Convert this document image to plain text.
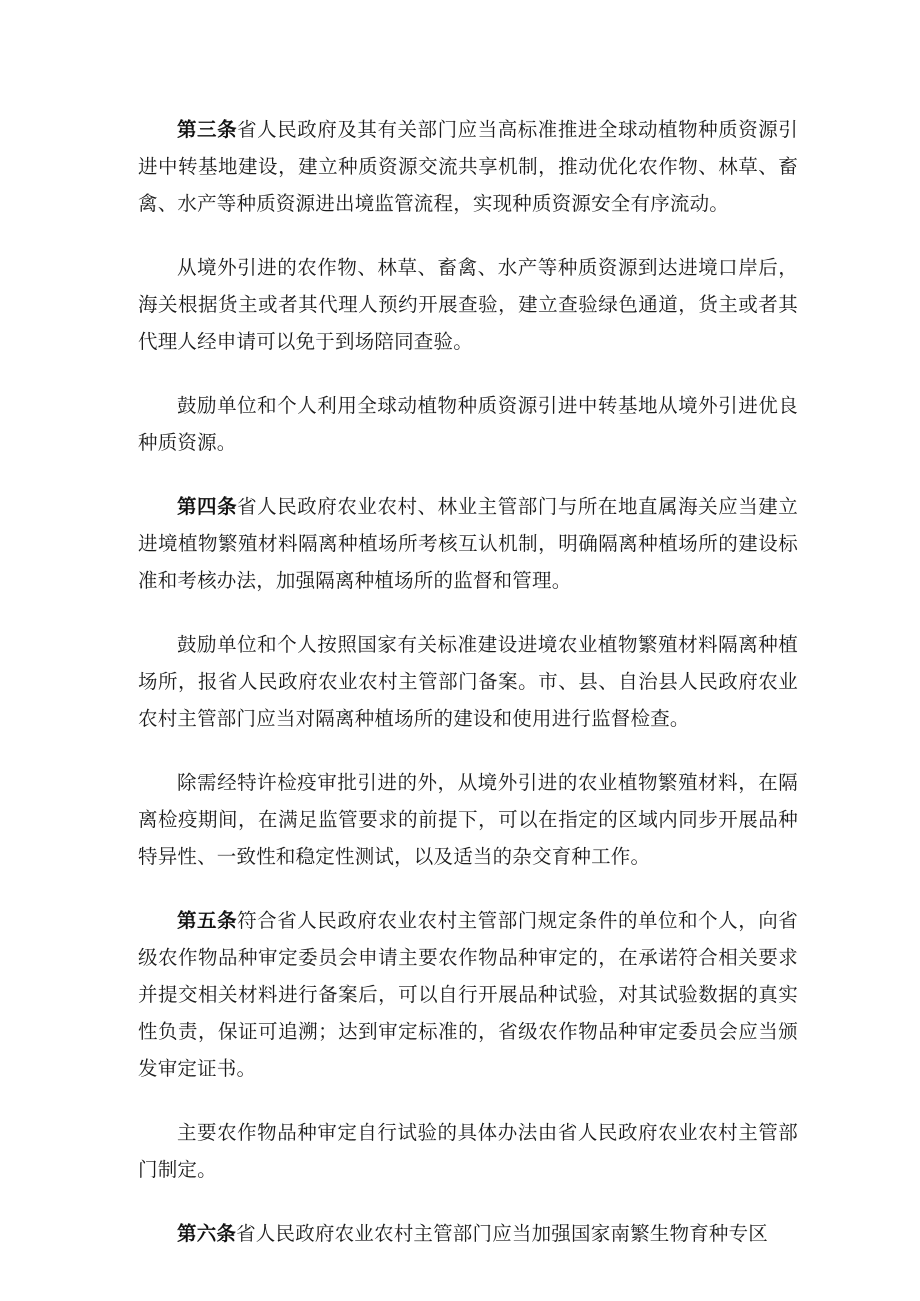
第三条省人民政府及其有关部门应当高标准推进全球动植物种质资源引进中转基地建设，建立种质资源交流共享机制，推动优化农作物、林草、畜禽、水产等种质资源进出境监管流程，实现种质资源安全有序流动。

从境外引进的农作物、林草、畜禽、水产等种质资源到达进境口岸后，海关根据货主或者其代理人预约开展查验，建立查验绿色通道，货主或者其代理人经申请可以免于到场陪同查验。

鼓励单位和个人利用全球动植物种质资源引进中转基地从境外引进优良种质资源。

第四条省人民政府农业农村、林业主管部门与所在地直属海关应当建立进境植物繁殖材料隔离种植场所考核互认机制，明确隔离种植场所的建设标准和考核办法，加强隔离种植场所的监督和管理。

鼓励单位和个人按照国家有关标准建设进境农业植物繁殖材料隔离种植场所，报省人民政府农业农村主管部门备案。市、县、自治县人民政府农业农村主管部门应当对隔离种植场所的建设和使用进行监督检查。

除需经特许检疫审批引进的外，从境外引进的农业植物繁殖材料，在隔离检疫期间，在满足监管要求的前提下，可以在指定的区域内同步开展品种特异性、一致性和稳定性测试，以及适当的杂交育种工作。

第五条符合省人民政府农业农村主管部门规定条件的单位和个人，向省级农作物品种审定委员会申请主要农作物品种审定的，在承诺符合相关要求并提交相关材料进行备案后，可以自行开展品种试验，对其试验数据的真实性负责，保证可追溯；达到审定标准的，省级农作物品种审定委员会应当颁发审定证书。

主要农作物品种审定自行试验的具体办法由省人民政府农业农村主管部门制定。

第六条省人民政府农业农村主管部门应当加强国家南繁生物育种专区
